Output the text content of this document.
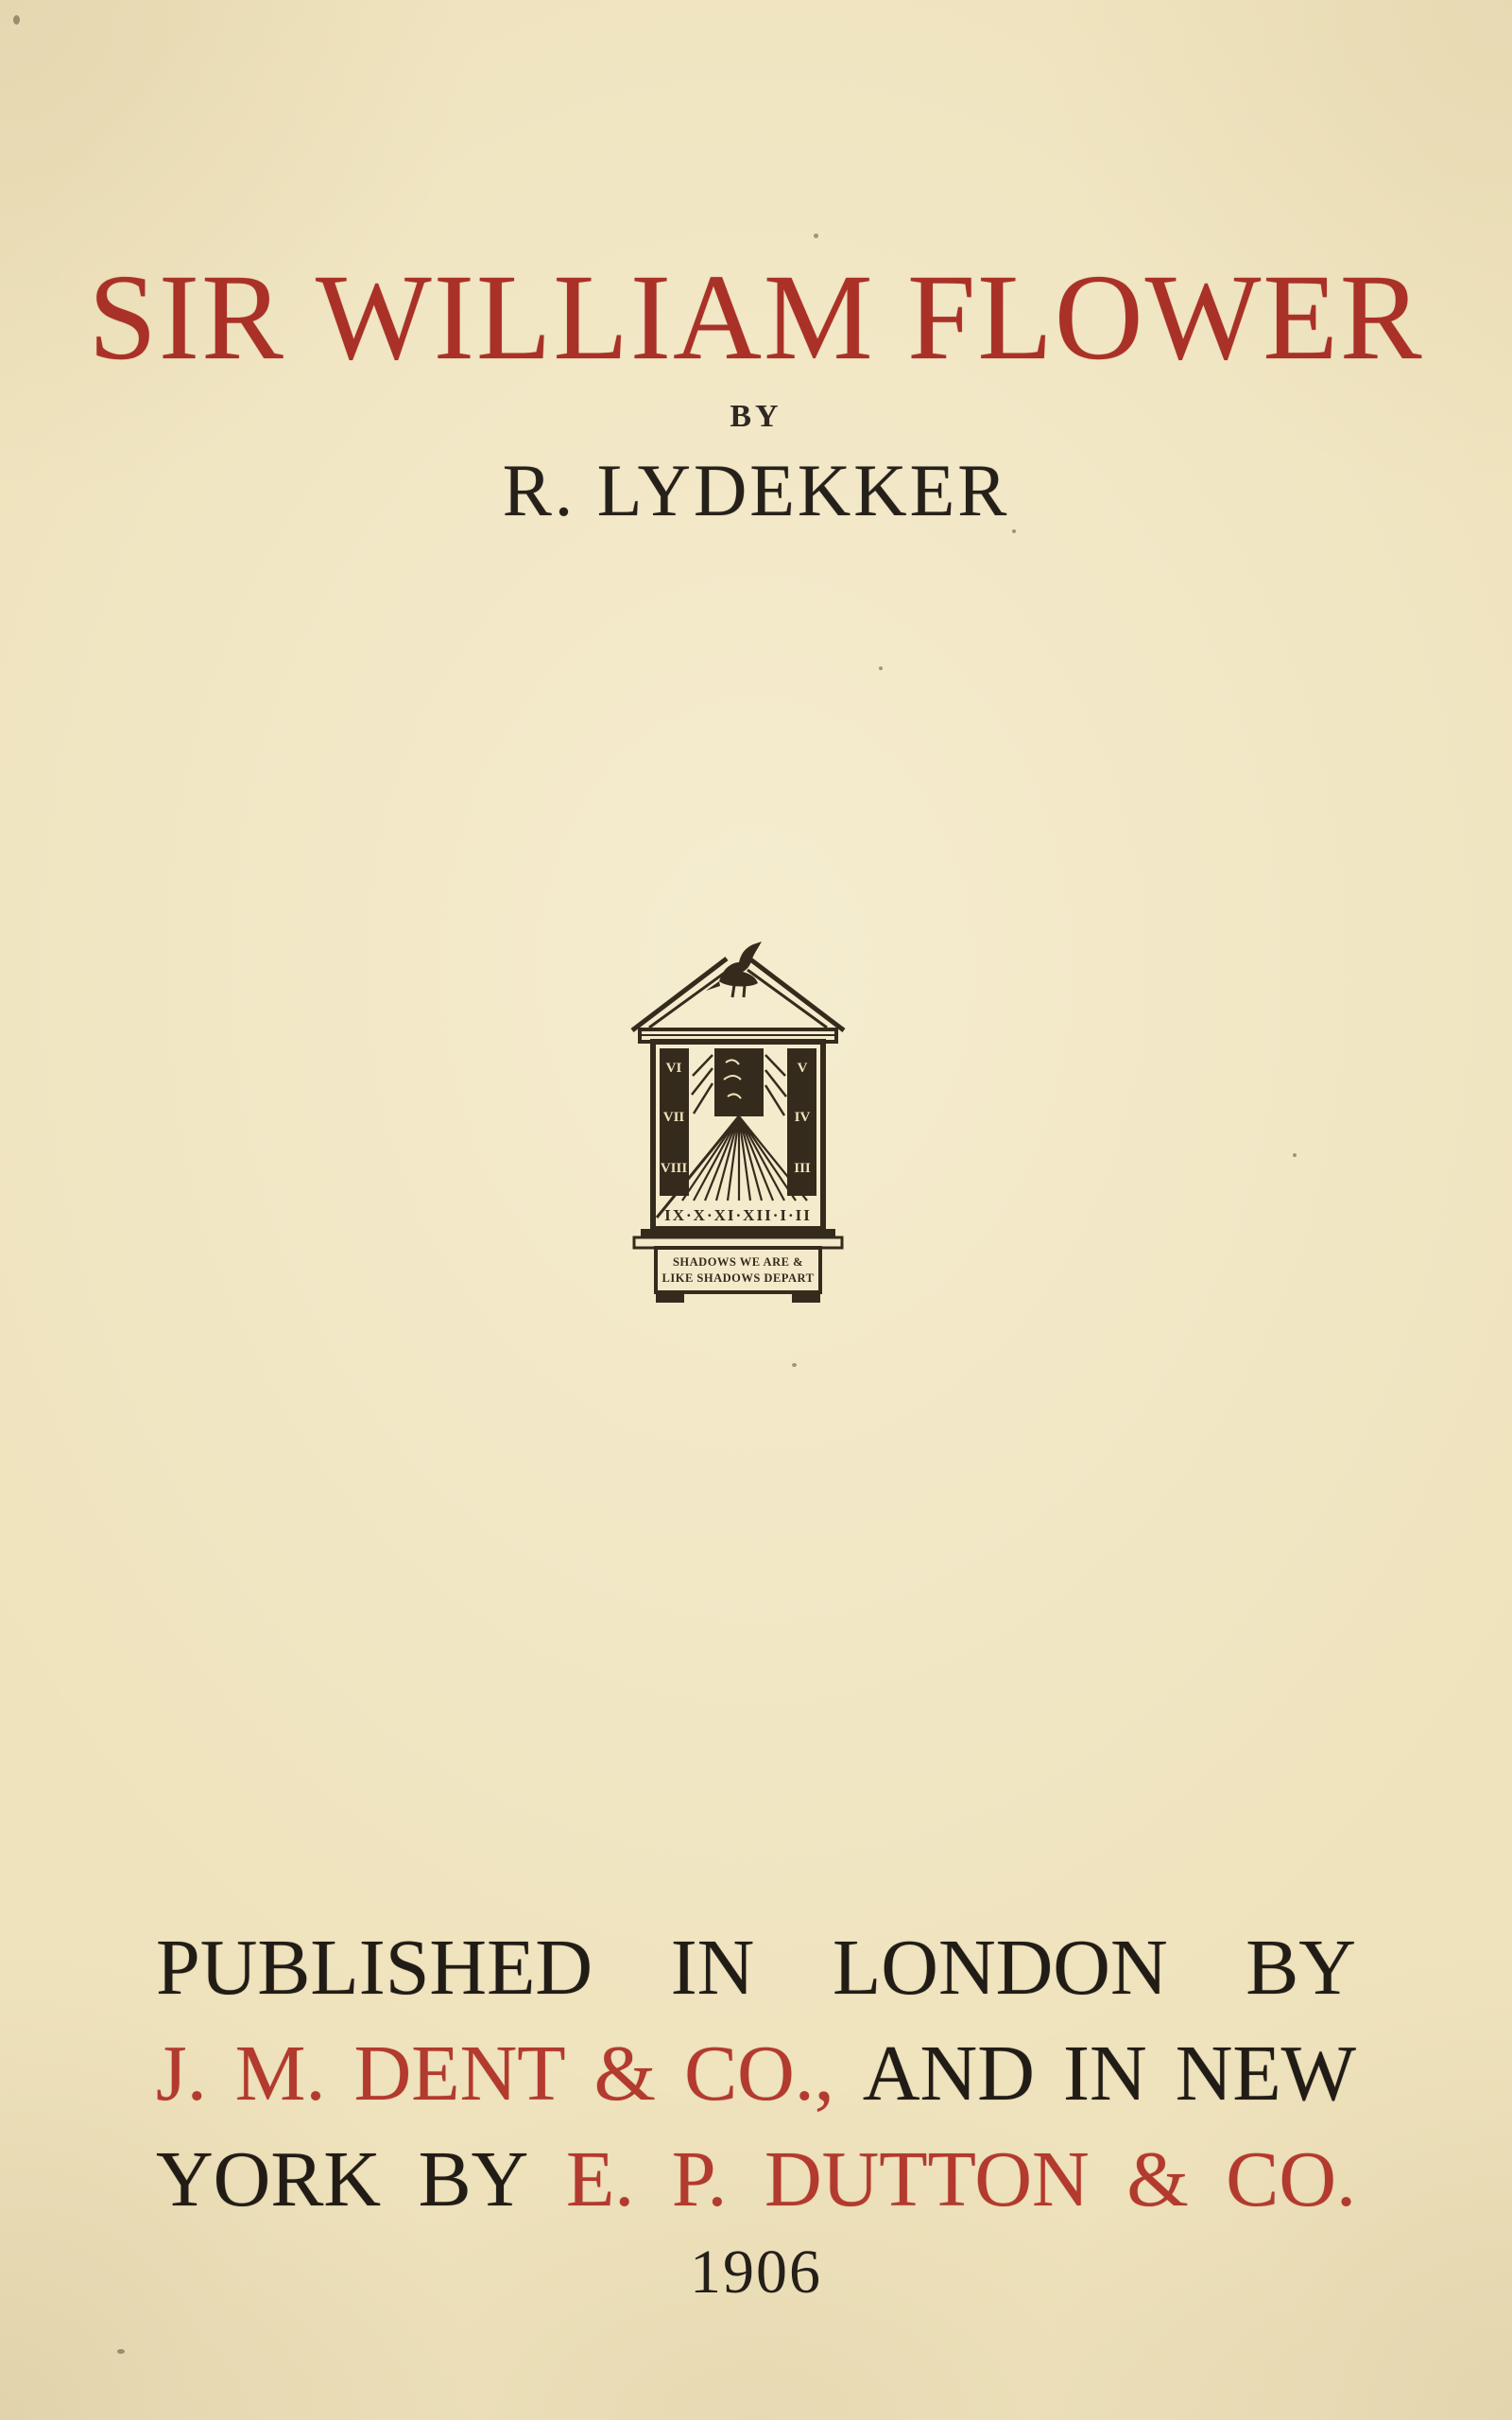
SIR WILLIAM FLOWER
BY
R. LYDEKKER
VI
VII
VIII
V
IV
III
IX·X·XI·XII·I·II
SHADOWS WE ARE &
LIKE SHADOWS DEPART
PUBLISHED IN LONDON BY
J. M. DENT & CO., AND IN NEW
YORK BY E. P. DUTTON & CO.
1906
